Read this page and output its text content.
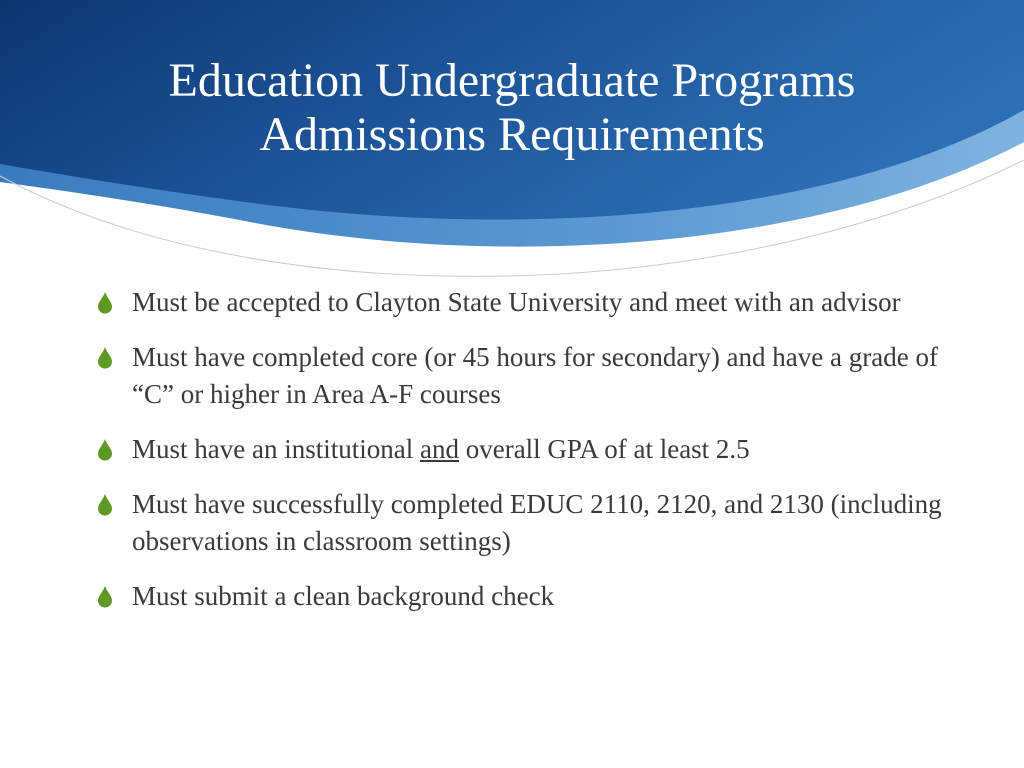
Education Undergraduate Programs
Admissions Requirements
Must be accepted to Clayton State University and meet with an advisor
Must have completed core (or 45 hours for secondary) and have a grade of “C” or higher in Area A-F courses
Must have an institutional and overall GPA of at least 2.5
Must have successfully completed EDUC 2110, 2120, and 2130 (including observations in classroom settings)
Must submit a clean background check
